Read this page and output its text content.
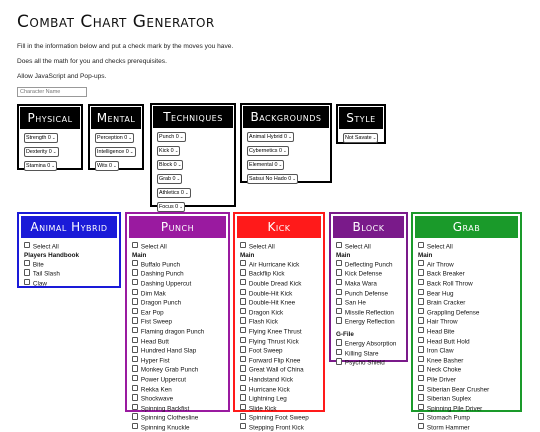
Combat Chart Generator

Fill in the information below and put a check mark by the moves you have.

Does all the math for you and checks prerequisites.

Allow JavaScript and Pop-ups.

Character Name
Physical
Strength 0⌄
Dexterity 0⌄
Stamina 0⌄
Mental
Perception 0⌄
Intelligence 0⌄
Wits 0⌄
Techniques
Punch 0⌄
Kick 0⌄
Block 0⌄
Grab 0⌄
Athletics 0⌄
Focus 0⌄
Backgrounds
Animal Hybrid 0⌄
Cybernetics 0⌄
Elemental 0⌄
Satsui No Hado 0⌄
Style
Not Savate⌄
Animal Hybrid
Select All
Players Handbook
Bite
Tail Slash
Claw
Punch
Select All
Main
Buffalo Punch
Dashing Punch
Dashing Uppercut
Dim Mak
Dragon Punch
Ear Pop
Fist Sweep
Flaming dragon Punch
Head Butt
Hundred Hand Slap
Hyper Fist
Monkey Grab Punch
Power Uppercut
Rekka Ken
Shockwave
Spinning Backfist
Spinning Clothesline
Spinning Knuckle
Kick
Select All
Main
Air Hurricane Kick
Backflip Kick
Double Dread Kick
Double-Hit Kick
Double-Hit Knee
Dragon Kick
Flash Kick
Flying Knee Thrust
Flying Thrust Kick
Foot Sweep
Forward Flip Knee
Great Wall of China
Handstand Kick
Hurricane Kick
Lightning Leg
Slide Kick
Spinning Foot Sweep
Stepping Front Kick
Block
Select All
Main
Deflecting Punch
Kick Defense
Maka Wara
Punch Defense
San He
Missile Reflection
Energy Reflection
G-File
Energy Absorption
Killing Stare
Psycho Shield
Grab
Select All
Main
Air Throw
Back Breaker
Back Roll Throw
Bear Hug
Brain Cracker
Grappling Defense
Hair Throw
Head Bite
Head Butt Hold
Iron Claw
Knee Basher
Neck Choke
Pile Driver
Siberian Bear Crusher
Siberian Suplex
Spinning Pile Driver
Stomach Pump
Storm Hammer
